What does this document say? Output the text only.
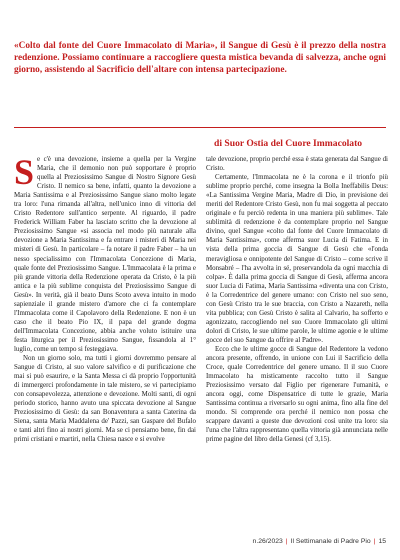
«Colto dal fonte del Cuore Immacolato di Maria», il Sangue di Gesù è il prezzo della nostra redenzione. Possiamo continuare a raccogliere questa mistica bevanda di salvezza, anche ogni giorno, assistendo al Sacrificio dell'altare con intensa partecipazione.

di Suor Ostia del Cuore Immacolato

Se c'è una devozione, insieme a quella per la Vergine Maria, che il demonio non può sopportare è proprio quella al Preziosissimo Sangue di Nostro Signore Gesù Cristo. Il nemico sa bene, infatti, quanto la devozione a Maria Santissima e al Preziosissimo Sangue siano molto legate tra loro: l'una rimanda all'altra, nell'unico inno di vittoria del Cristo Redentore sull'antico serpente. Al riguardo, il padre Frederick William Faber ha lasciato scritto che la devozione al Preziosissimo Sangue «si associa nel modo più naturale alla devozione a Maria Santissima e fa entrare i misteri di Maria nei misteri di Gesù. In particolare – fa notare il padre Faber – ha un nesso specialissimo con l'Immacolata Concezione di Maria, quale fonte del Preziosissimo Sangue. L'Immacolata è la prima e più grande vittoria della Redenzione operata da Cristo, è la più antica e la più sublime conquista del Preziosissimo Sangue di Gesù». In verità, già il beato Duns Scoto aveva intuito in modo sapienziale il grande mistero d'amore che ci fa contemplare l'Immacolata come il Capolavoro della Redenzione. E non è un caso che il beato Pio IX, il papa del grande dogma dell'Immacolata Concezione, abbia anche voluto istituire una festa liturgica per il Preziosissimo Sangue, fissandola al 1° luglio, come un tempo si festeggiava.

Non un giorno solo, ma tutti i giorni dovremmo pensare al Sangue di Cristo, al suo valore salvifico e di purificazione che mai si può esaurire, e la Santa Messa ci dà proprio l'opportunità di immergerci profondamente in tale mistero, se vi partecipiamo con consapevolezza, attenzione e devozione. Molti santi, di ogni periodo storico, hanno avuto una spiccata devozione al Sangue Preziosissimo di Gesù: da san Bonaventura a santa Caterina da Siena, santa Maria Maddalena de' Pazzi, san Gaspare del Bufalo e tanti altri fino ai nostri giorni. Ma se ci pensiamo bene, fin dai primi cristiani e martiri, nella Chiesa nasce e si evolve

tale devozione, proprio perché essa è stata generata dal Sangue di Cristo.

Certamente, l'Immacolata ne è la corona e il trionfo più sublime proprio perché, come insegna la Bolla Ineffabilis Deus: «La Santissima Vergine Maria, Madre di Dio, in previsione dei meriti del Redentore Cristo Gesù, non fu mai soggetta al peccato originale e fu perciò redenta in una maniera più sublime». Tale sublimità di redenzione è da contemplare proprio nel Sangue divino, quel Sangue «colto dal fonte del Cuore Immacolato di Maria Santissima», come afferma suor Lucia di Fatima. E in vista della prima goccia di Sangue di Gesù che «l'onda meravigliosa e onnipotente del Sangue di Cristo – come scrive il Monsabré – l'ha avvolta in sé, preservandola da ogni macchia di colpa». È dalla prima goccia di Sangue di Gesù, afferma ancora suor Lucia di Fatima, Maria Santissima «diventa una con Cristo, è la Corredentrice del genere umano: con Cristo nel suo seno, con Gesù Cristo tra le sue braccia, con Cristo a Nazareth, nella vita pubblica; con Gesù Cristo è salita al Calvario, ha sofferto e agonizzato, raccogliendo nel suo Cuore Immacolato gli ultimi dolori di Cristo, le sue ultime parole, le ultime agonie e le ultime gocce del suo Sangue da offrire al Padre».

Ecco che le ultime gocce di Sangue del Redentore la vedono ancora presente, offrendo, in unione con Lui il Sacrificio della Croce, quale Corredentrice del genere umano. Il il suo Cuore Immacolato ha misticamente raccolto tutto il Sangue Preziosissimo versato dal Figlio per rigenerare l'umanità, e ancora oggi, come Dispensatrice di tutte le grazie, Maria Santissima continua a riversarlo su ogni anima, fino alla fine del mondo. Si comprende ora perché il nemico non possa che scappare davanti a queste due devozioni così unite tra loro: sia l'una che l'altra rappresentano quella vittoria già annunciata nelle prime pagine del libro della Genesi (cf 3,15).

n.26/2023 | Il Settimanale di Padre Pio | 15
